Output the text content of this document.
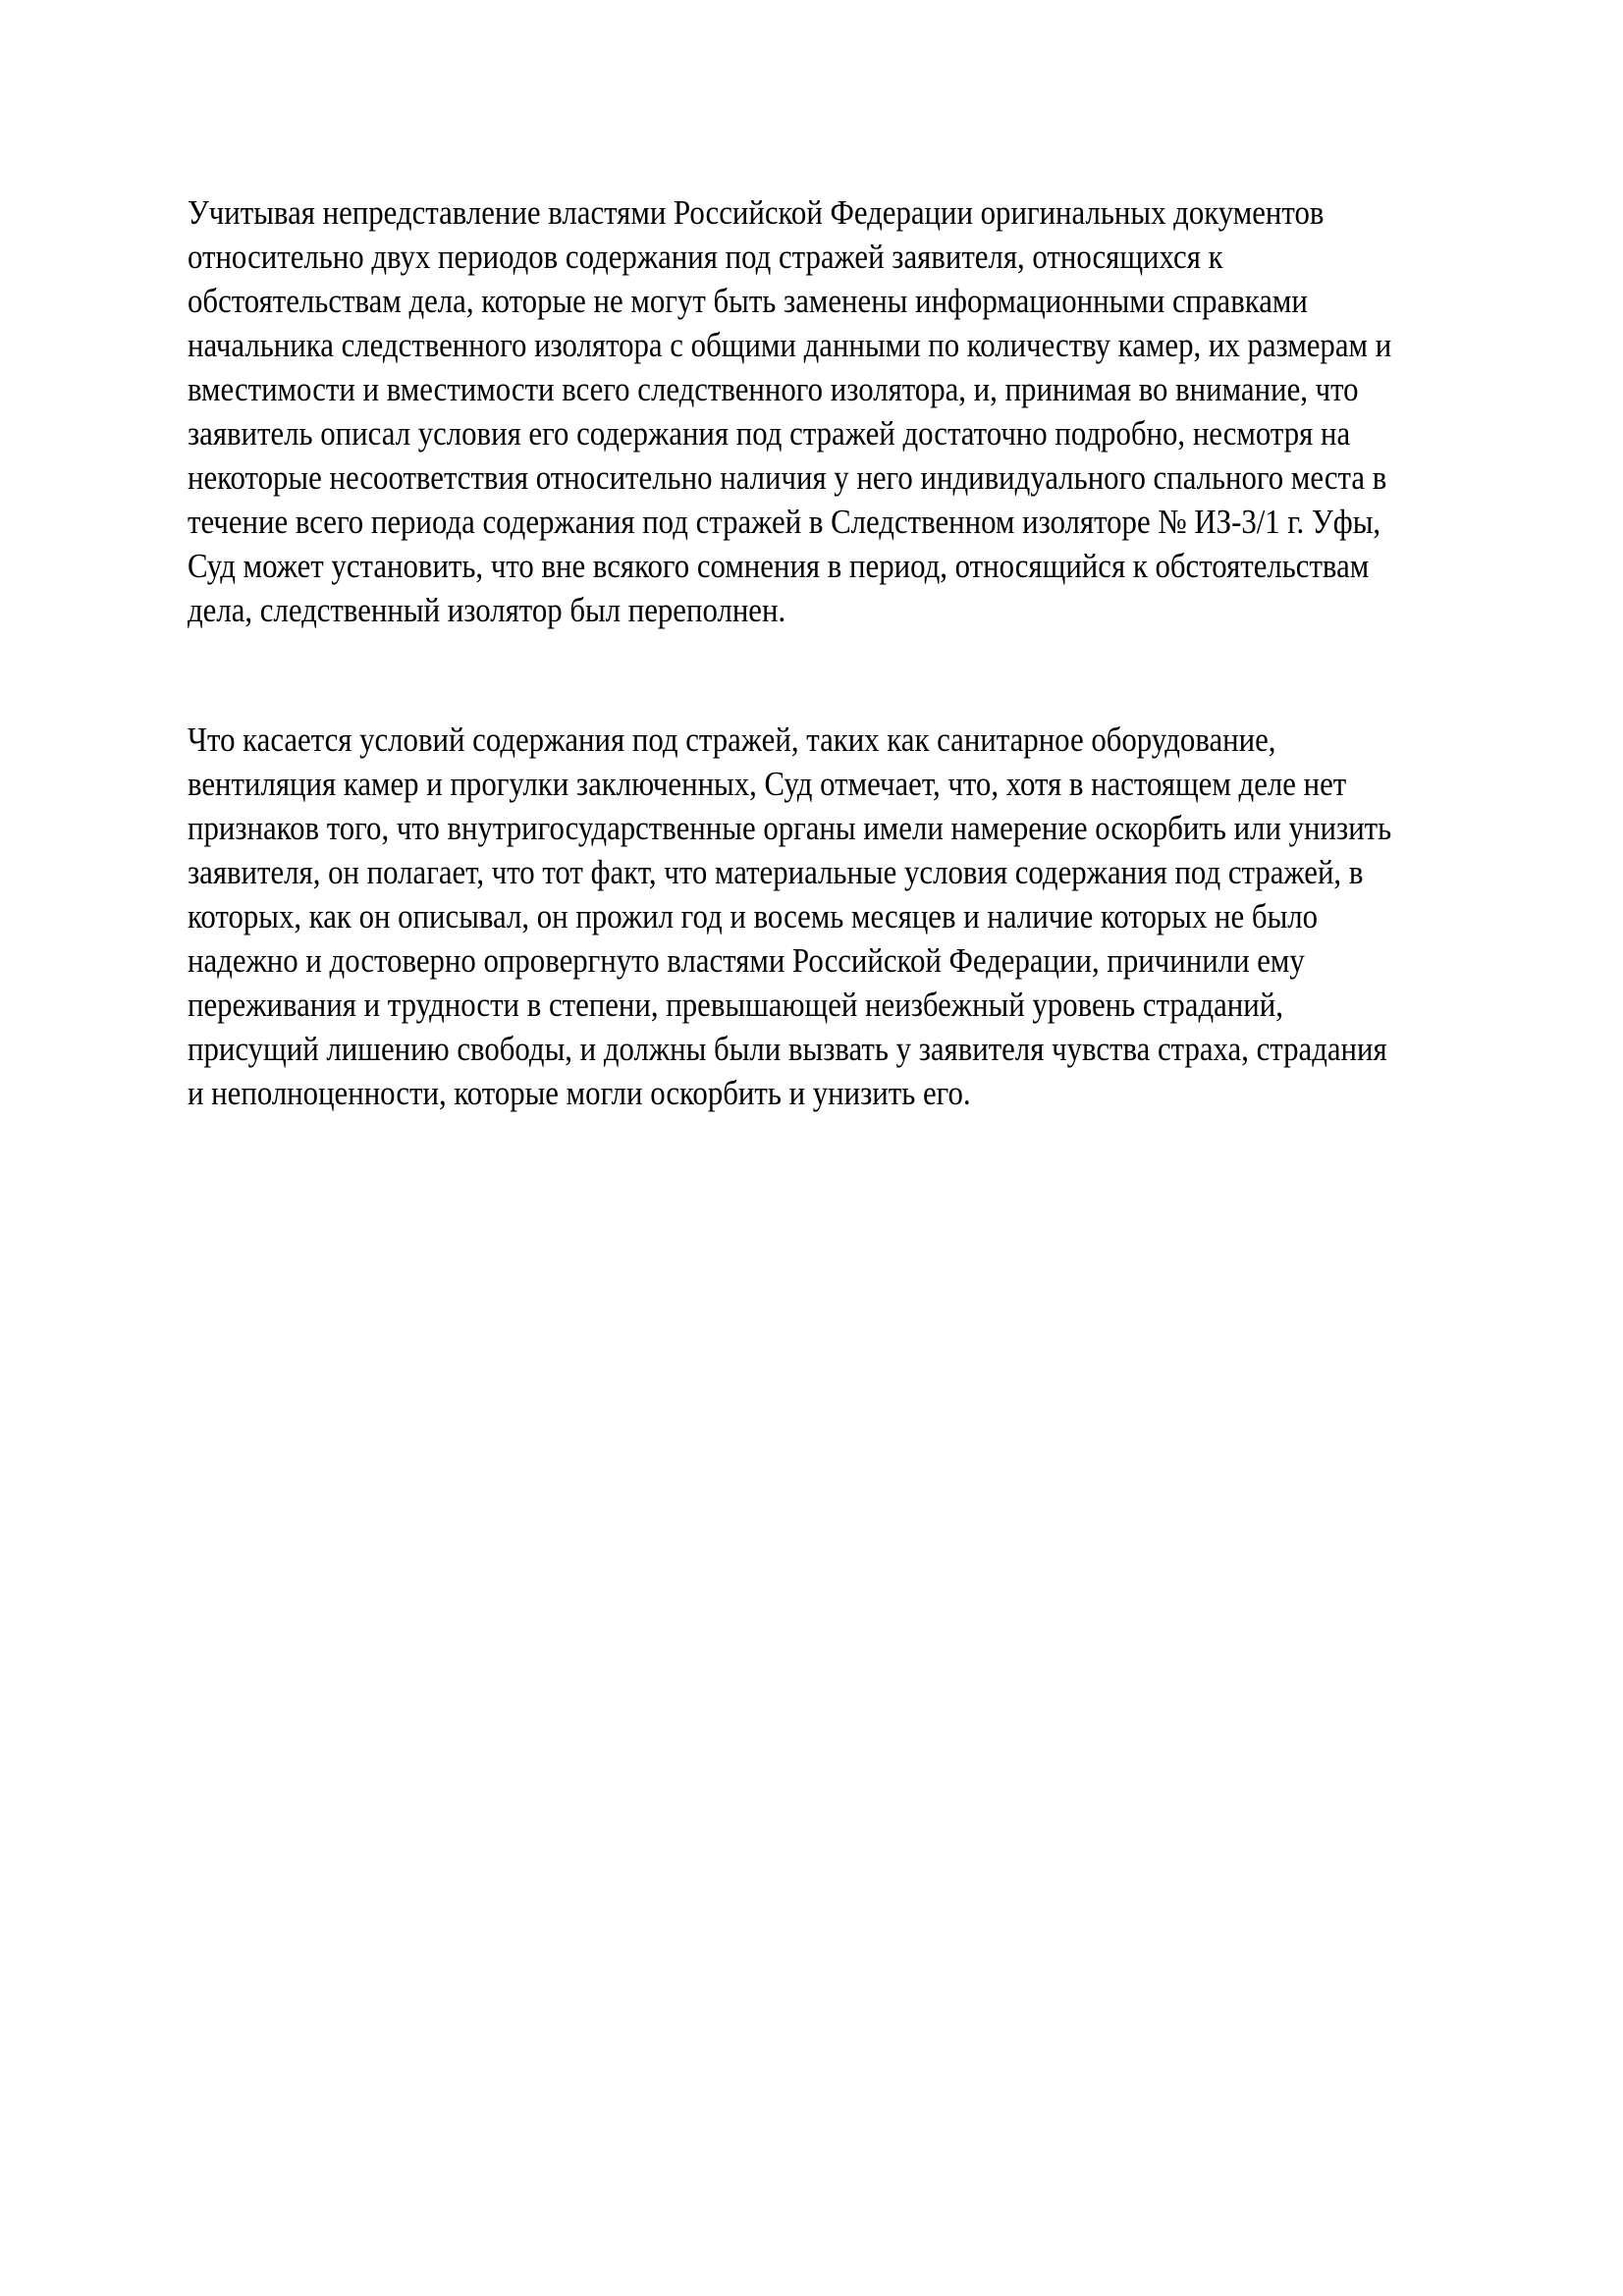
Учитывая непредставление властями Российской Федерации оригинальных документов
относительно двух периодов содержания под стражей заявителя, относящихся к
обстоятельствам дела, которые не могут быть заменены информационными справками
начальника следственного изолятора с общими данными по количеству камер, их размерам и
вместимости и вместимости всего следственного изолятора, и, принимая во внимание, что
заявитель описал условия его содержания под стражей достаточно подробно, несмотря на
некоторые несоответствия относительно наличия у него индивидуального спального места в
течение всего периода содержания под стражей в Следственном изоляторе № ИЗ-3/1 г. Уфы,
Суд может установить, что вне всякого сомнения в период, относящийся к обстоятельствам
дела, следственный изолятор был переполнен.
Что касается условий содержания под стражей, таких как санитарное оборудование,
вентиляция камер и прогулки заключенных, Суд отмечает, что, хотя в настоящем деле нет
признаков того, что внутригосударственные органы имели намерение оскорбить или унизить
заявителя, он полагает, что тот факт, что материальные условия содержания под стражей, в
которых, как он описывал, он прожил год и восемь месяцев и наличие которых не было
надежно и достоверно опровергнуто властями Российской Федерации, причинили ему
переживания и трудности в степени, превышающей неизбежный уровень страданий,
присущий лишению свободы, и должны были вызвать у заявителя чувства страха, страдания
и неполноценности, которые могли оскорбить и унизить его.
